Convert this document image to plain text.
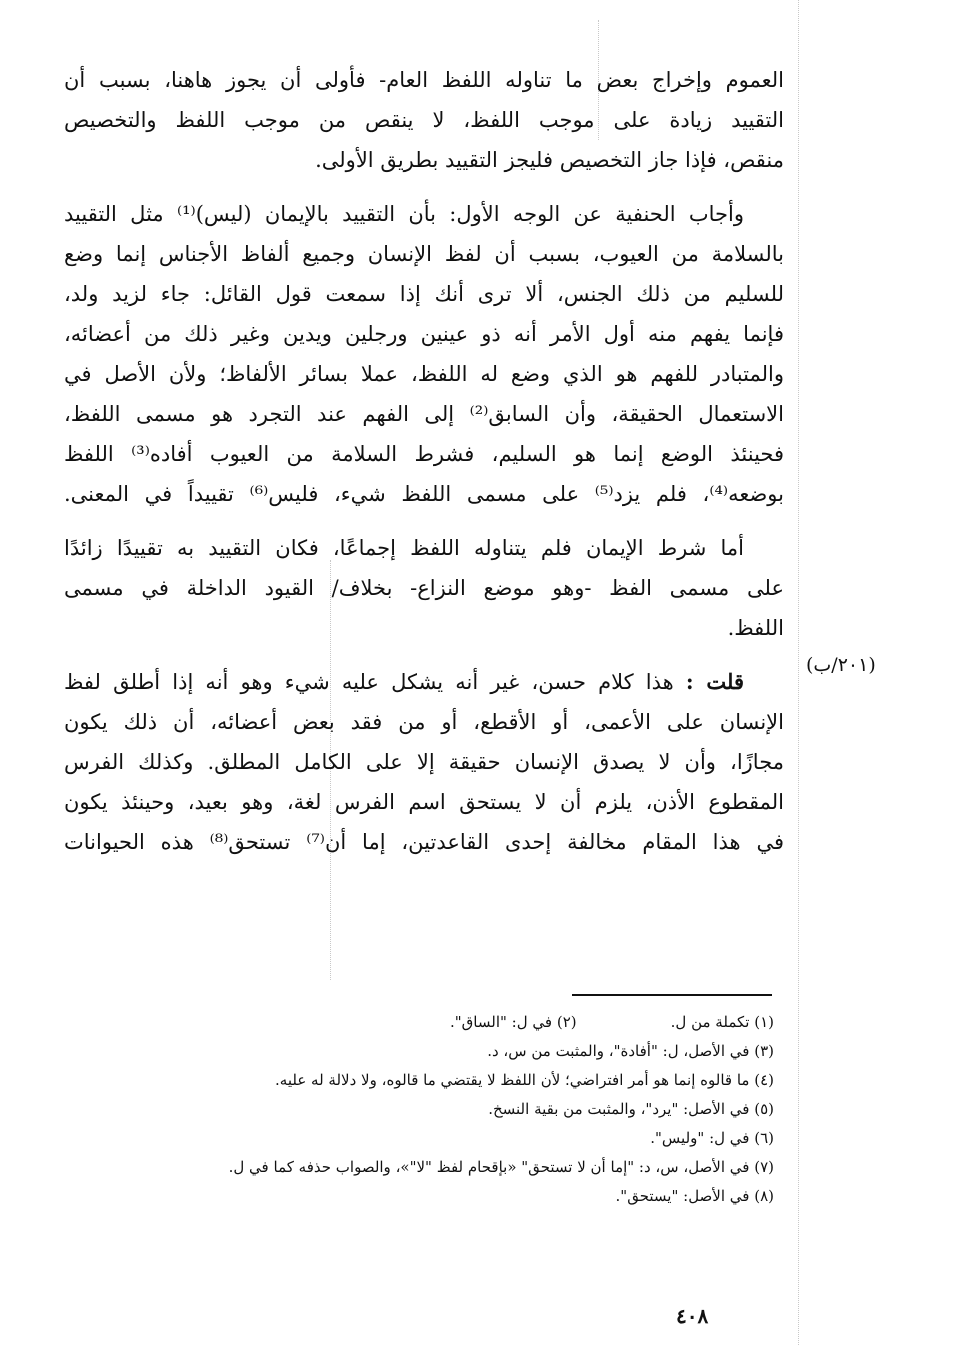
العموم وإخراج بعض ما تناوله اللفظ العام- فأولى أن يجوز هاهنا، بسبب أن
التقييد زيادة على موجب اللفظ، لا ينقص من موجب اللفظ والتخصيص
منقص، فإذا جاز التخصيص فليجز التقييد بطريق الأولى.
وأجاب الحنفية عن الوجه الأول: بأن التقييد بالإيمان (ليس)⁽¹⁾ مثل التقييد
بالسلامة من العيوب، بسبب أن لفظ الإنسان وجميع ألفاظ الأجناس إنما وضع
للسليم من ذلك الجنس، ألا ترى أنك إذا سمعت قول القائل: جاء لزيد ولد،
فإنما يفهم منه أول الأمر أنه ذو عينين ورجلين ويدين وغير ذلك من أعضائه،
والمتبادر للفهم هو الذي وضع له اللفظ، عملا بسائر الألفاظ؛ ولأن الأصل في
الاستعمال الحقيقة، وأن السابق⁽²⁾ إلى الفهم عند التجرد هو مسمى اللفظ،
فحينئذ الوضع إنما هو السليم، فشرط السلامة من العيوب أفاده⁽³⁾ اللفظ
بوضعه⁽⁴⁾، فلم يزد⁽⁵⁾ على مسمى اللفظ شيء، فليس⁽⁶⁾ تقييداً في المعنى.
أما شرط الإيمان فلم يتناوله اللفظ إجماعًا، فكان التقييد به تقييدًا زائدًا
على مسمى الفظ -وهو موضع النزاع- بخلاف/ القيود الداخلة في مسمى
اللفظ.
قلت : هذا كلام حسن، غير أنه يشكل عليه شيء وهو أنه إذا أطلق لفظ
الإنسان على الأعمى، أو الأقطع، أو من فقد بعض أعضائه، أن ذلك يكون
مجازًا، وأن لا يصدق الإنسان حقيقة إلا على الكامل المطلق. وكذلك الفرس
المقطوع الأذن، يلزم أن لا يستحق اسم الفرس لغة، وهو بعيد، وحينئذ يكون
في هذا المقام مخالفة إحدى القاعدتين، إما أن⁽⁷⁾ تستحق⁽⁸⁾ هذه الحيوانات
(٢٠١/ب)
(١) تكملة من ل.
(٢) في ل: "الساق".
(٣) في الأصل، ل: "أفادة"، والمثبت من س، د.
(٤) ما قالوه إنما هو أمر افتراضي؛ لأن اللفظ لا يقتضي ما قالوه، ولا دلالة له عليه.
(٥) في الأصل: "يرد"، والمثبت من بقية النسخ.
(٦) في ل: "وليس".
(٧) في الأصل، س، د: "إما أن لا تستحق" «بإقحام لفظ "لا"»، والصواب حذفه كما في ل.
(٨) في الأصل: "يستحق".
٤٠٨
